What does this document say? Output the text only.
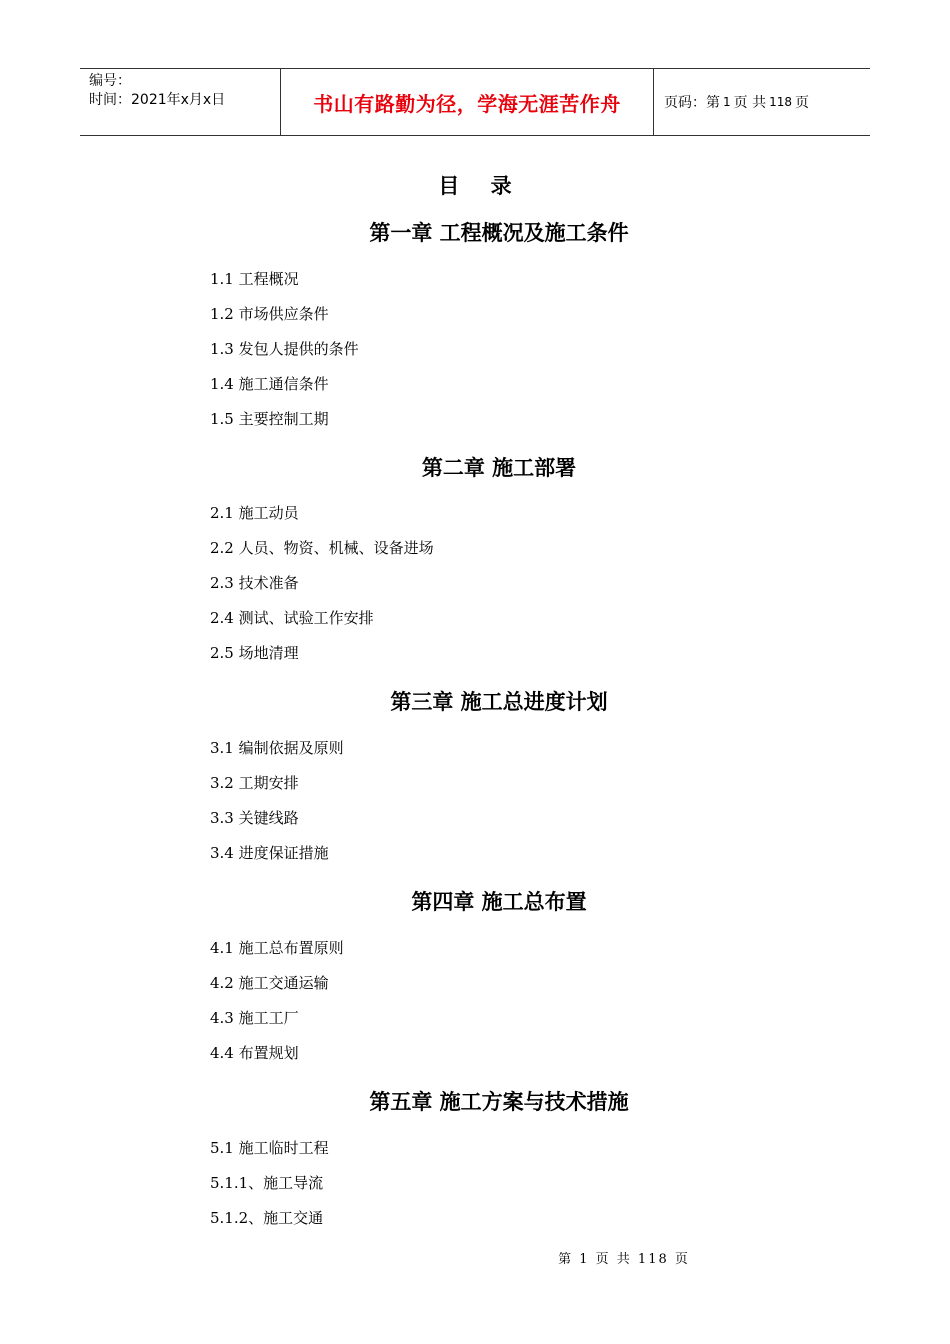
编号：
时间：2021年x月x日	书山有路勤为径，学海无涯苦作舟	页码：第 1 页 共 118 页
目 录
第一章 工程概况及施工条件
1.1 工程概况
1.2 市场供应条件
1.3 发包人提供的条件
1.4 施工通信条件
1.5 主要控制工期
第二章 施工部署
2.1 施工动员
2.2 人员、物资、机械、设备进场
2.3 技术准备
2.4 测试、试验工作安排
2.5 场地清理
第三章 施工总进度计划
3.1 编制依据及原则
3.2 工期安排
3.3 关键线路
3.4 进度保证措施
第四章 施工总布置
4.1 施工总布置原则
4.2 施工交通运输
4.3 施工工厂
4.4 布置规划
第五章 施工方案与技术措施
5.1 施工临时工程
5.1.1、施工导流
5.1.2、施工交通
第 1 页 共 118 页
